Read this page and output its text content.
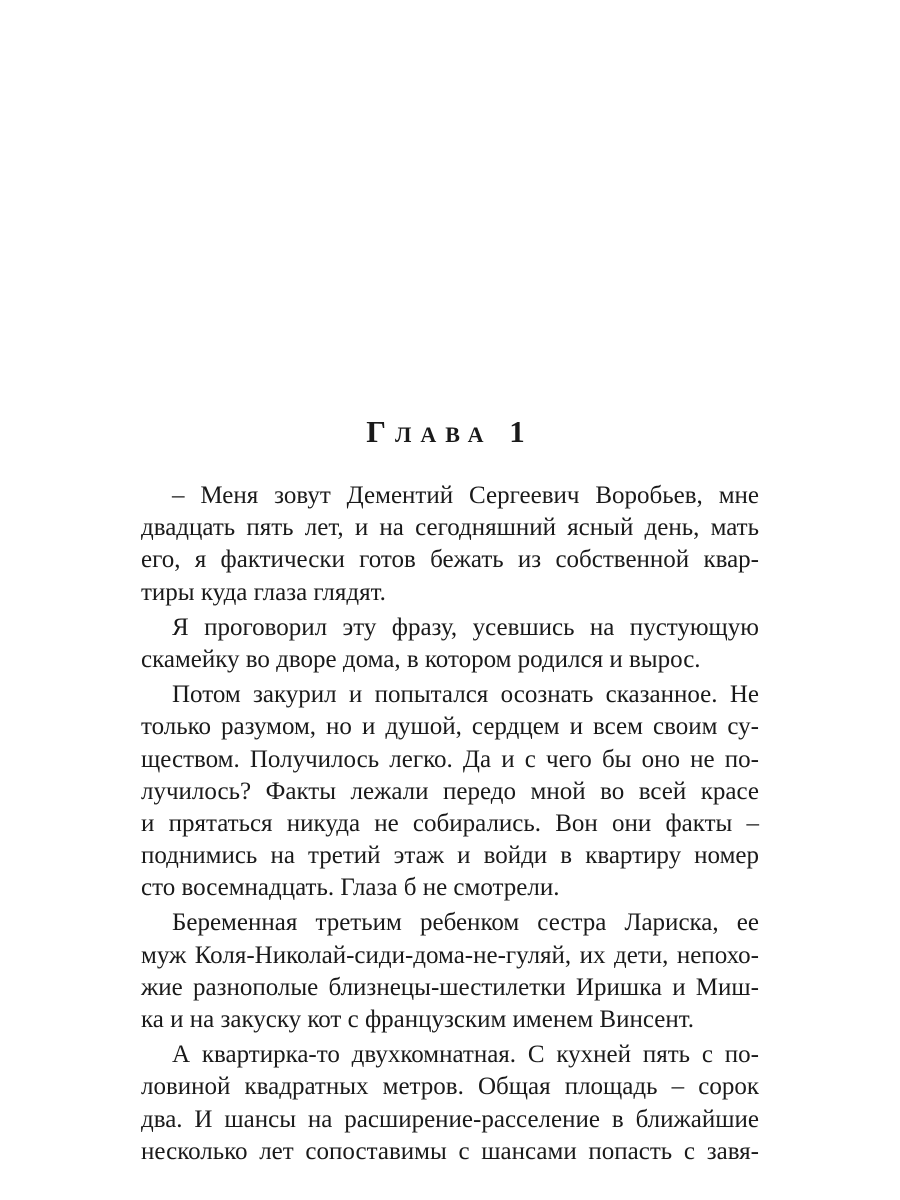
Глава 1
– Меня зовут Дементий Сергеевич Воробьев, мне
двадцать пять лет, и на сегодняшний ясный день, мать
его, я фактически готов бежать из собственной квар-
тиры куда глаза глядят.
Я проговорил эту фразу, усевшись на пустующую
скамейку во дворе дома, в котором родился и вырос.
Потом закурил и попытался осознать сказанное. Не
только разумом, но и душой, сердцем и всем своим су-
ществом. Получилось легко. Да и с чего бы оно не по-
лучилось? Факты лежали передо мной во всей красе
и прятаться никуда не собирались. Вон они факты –
поднимись на третий этаж и войди в квартиру номер
сто восемнадцать. Глаза б не смотрели.
Беременная третьим ребенком сестра Лариска, ее
муж Коля-Николай-сиди-дома-не-гуляй, их дети, непохо-
жие разнополые близнецы-шестилетки Иришка и Миш-
ка и на закуску кот с французским именем Винсент.
А квартирка-то двухкомнатная. С кухней пять с по-
ловиной квадратных метров. Общая площадь – сорок
два. И шансы на расширение-расселение в ближайшие
несколько лет сопоставимы с шансами попасть с завя-
